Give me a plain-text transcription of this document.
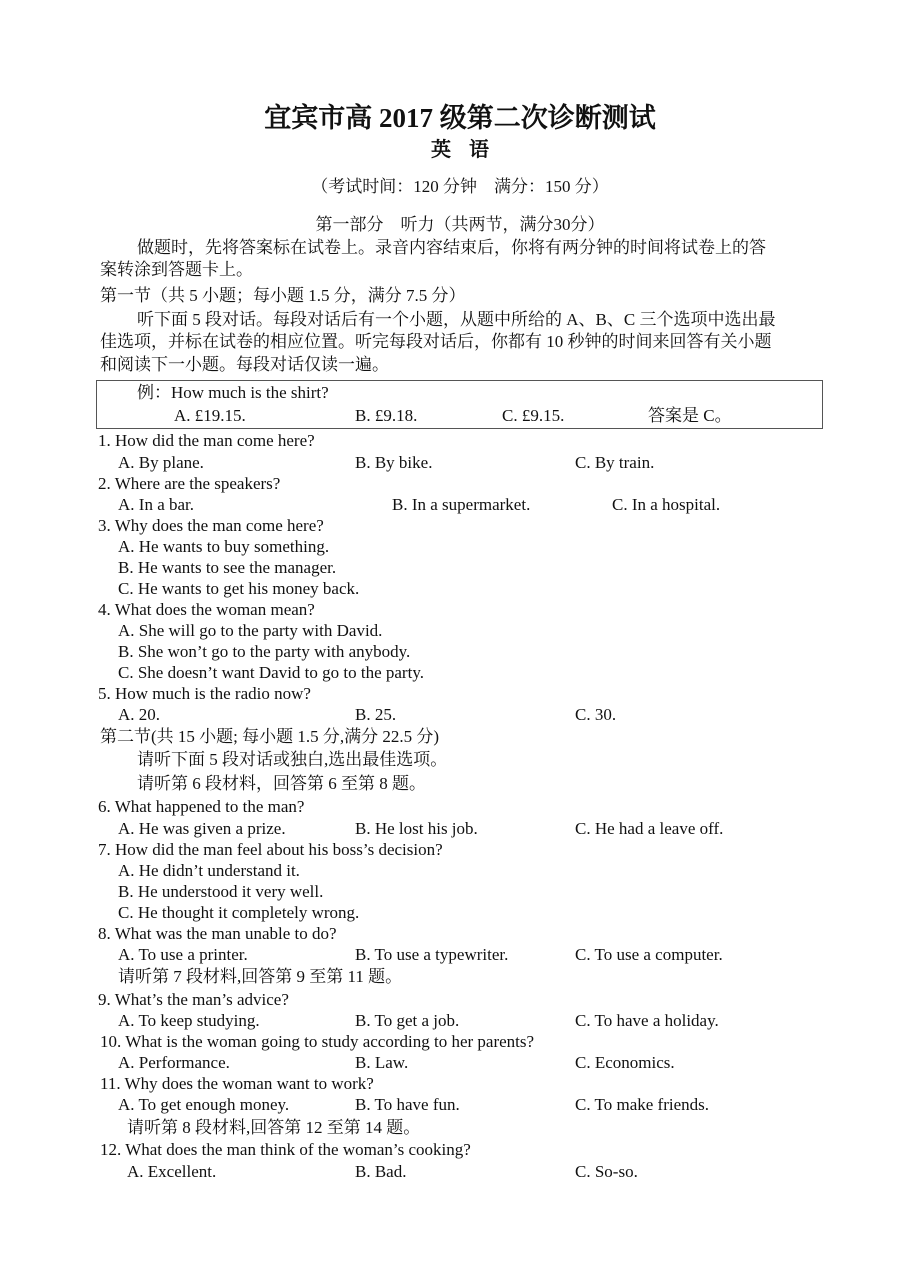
宜宾市高 2017 级第二次诊断测试
英语
（考试时间：120 分钟　满分：150 分）
第一部分　听力（共两节，满分30分）
做题时，先将答案标在试卷上。录音内容结束后，你将有两分钟的时间将试卷上的答
案转涂到答题卡上。
第一节（共 5 小题；每小题 1.5 分，满分 7.5 分）
听下面 5 段对话。每段对话后有一个小题，从题中所给的 A、B、C 三个选项中选出最
佳选项，并标在试卷的相应位置。听完每段对话后，你都有 10 秒钟的时间来回答有关小题
和阅读下一小题。每段对话仅读一遍。
例：How much is the shirt?
A. £19.15.	B. £9.18.	C. £9.15.	答案是 C。
第二节(共 15 小题; 每小题 1.5 分,满分 22.5 分)
请听下面 5 段对话或独白,选出最佳选项。
请听第 6 段材料，回答第 6 至第 8 题。
请听第 7 段材料,回答第 9 至第 11 题。
请听第 8 段材料,回答第 12 至第 14 题。
1. How did the man come here?
A. By plane.	B. By bike.	C. By train.
2. Where are the speakers?
A. In a bar.	B. In a supermarket.	C. In a hospital.
3. Why does the man come here?
A. He wants to buy something.
B. He wants to see the manager.
C. He wants to get his money back.
4. What does the woman mean?
A. She will go to the party with David.
B. She won’t go to the party with anybody.
C. She doesn’t want David to go to the party.
5. How much is the radio now?
A. 20.	B. 25.	C. 30.
6. What happened to the man?
A. He was given a prize.	B. He lost his job.	C. He had a leave off.
7. How did the man feel about his boss’s decision?
A. He didn’t understand it.
B. He understood it very well.
C. He thought it completely wrong.
8. What was the man unable to do?
A. To use a printer.	B. To use a typewriter.	C. To use a computer.
9. What’s the man’s advice?
A. To keep studying.	B. To get a job.	C. To have a holiday.
10. What is the woman going to study according to her parents?
A. Performance.	B. Law.	C. Economics.
11. Why does the woman want to work?
A. To get enough money.	B. To have fun.	C. To make friends.
12. What does the man think of the woman’s cooking?
A. Excellent.	B. Bad.	C. So-so.
